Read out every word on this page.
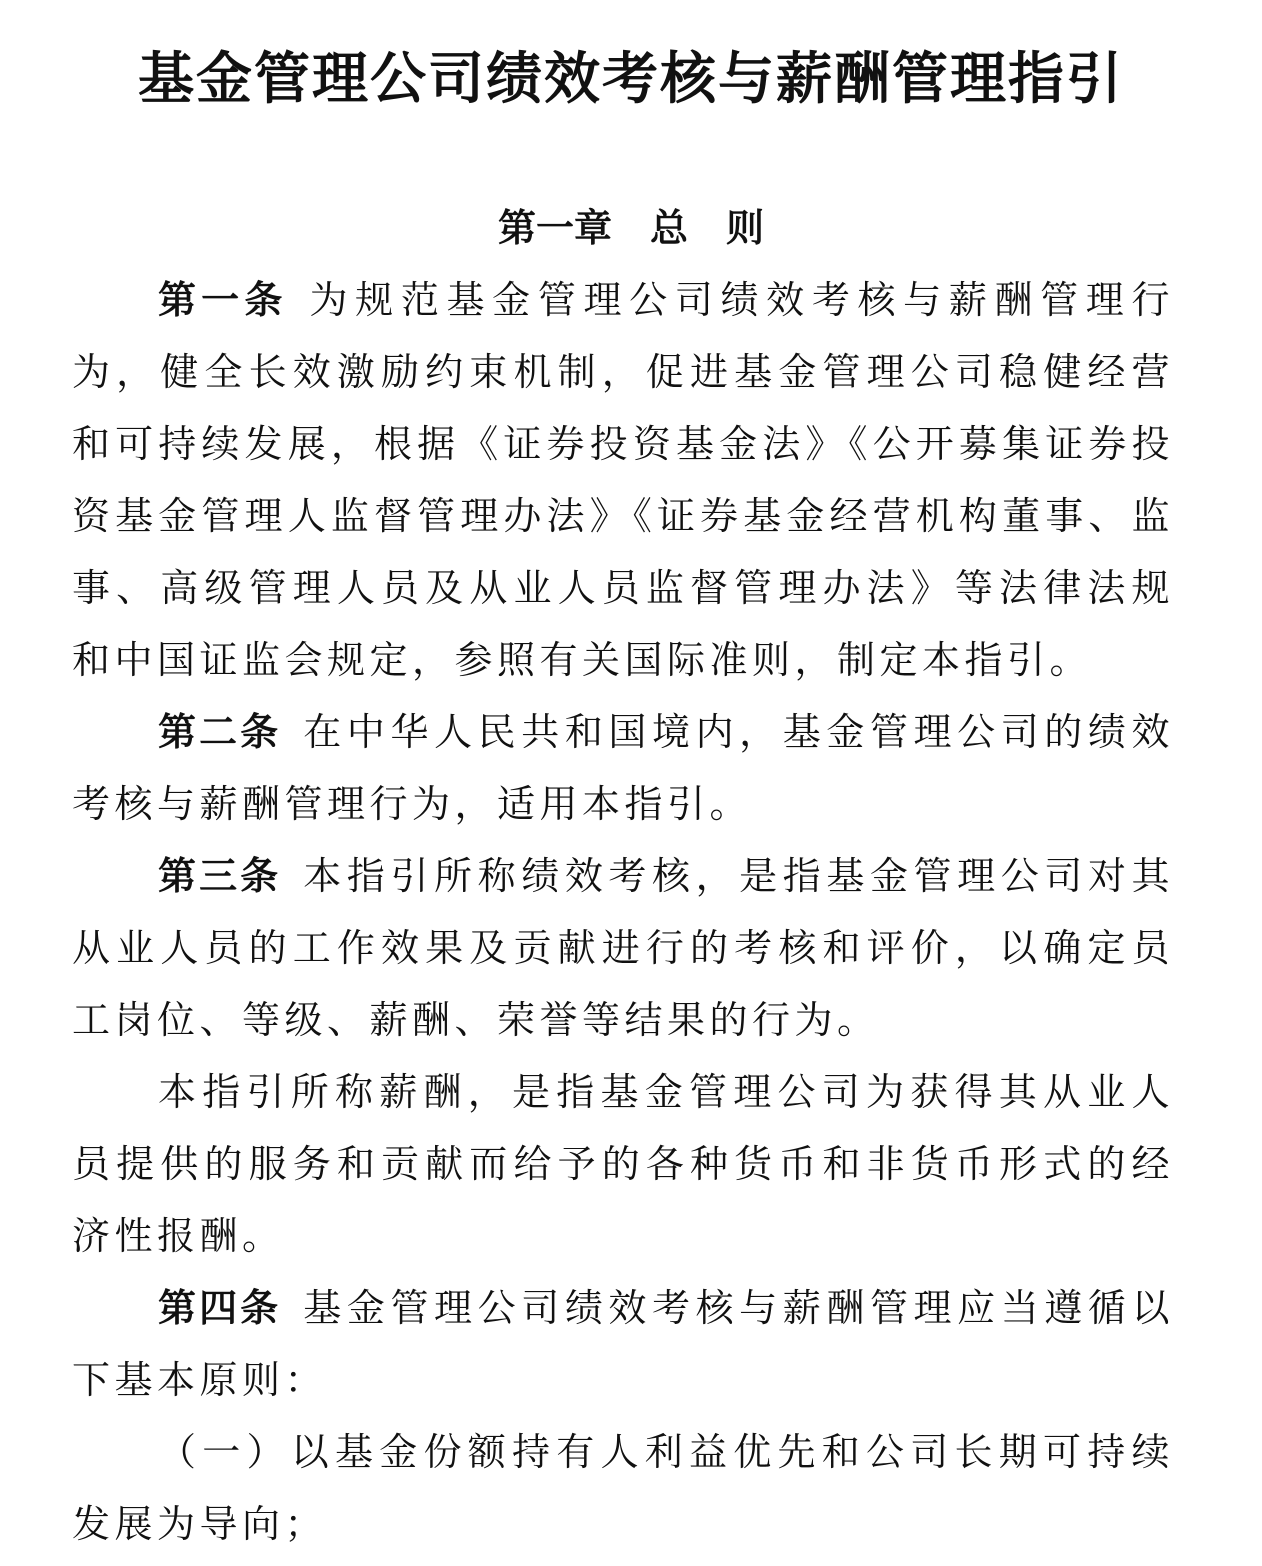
基金管理公司绩效考核与薪酬管理指引
第一章 总　则

第一条 为规范基金管理公司绩效考核与薪酬管理行为，健全长效激励约束机制，促进基金管理公司稳健经营和可持续发展，根据《证券投资基金法》《公开募集证券投资基金管理人监督管理办法》《证券基金经营机构董事、监事、高级管理人员及从业人员监督管理办法》等法律法规和中国证监会规定，参照有关国际准则，制定本指引。

第二条 在中华人民共和国境内，基金管理公司的绩效考核与薪酬管理行为，适用本指引。

第三条 本指引所称绩效考核，是指基金管理公司对其从业人员的工作效果及贡献进行的考核和评价，以确定员工岗位、等级、薪酬、荣誉等结果的行为。

本指引所称薪酬，是指基金管理公司为获得其从业人员提供的服务和贡献而给予的各种货币和非货币形式的经济性报酬。

第四条 基金管理公司绩效考核与薪酬管理应当遵循以下基本原则：

（一）以基金份额持有人利益优先和公司长期可持续发展为导向；
